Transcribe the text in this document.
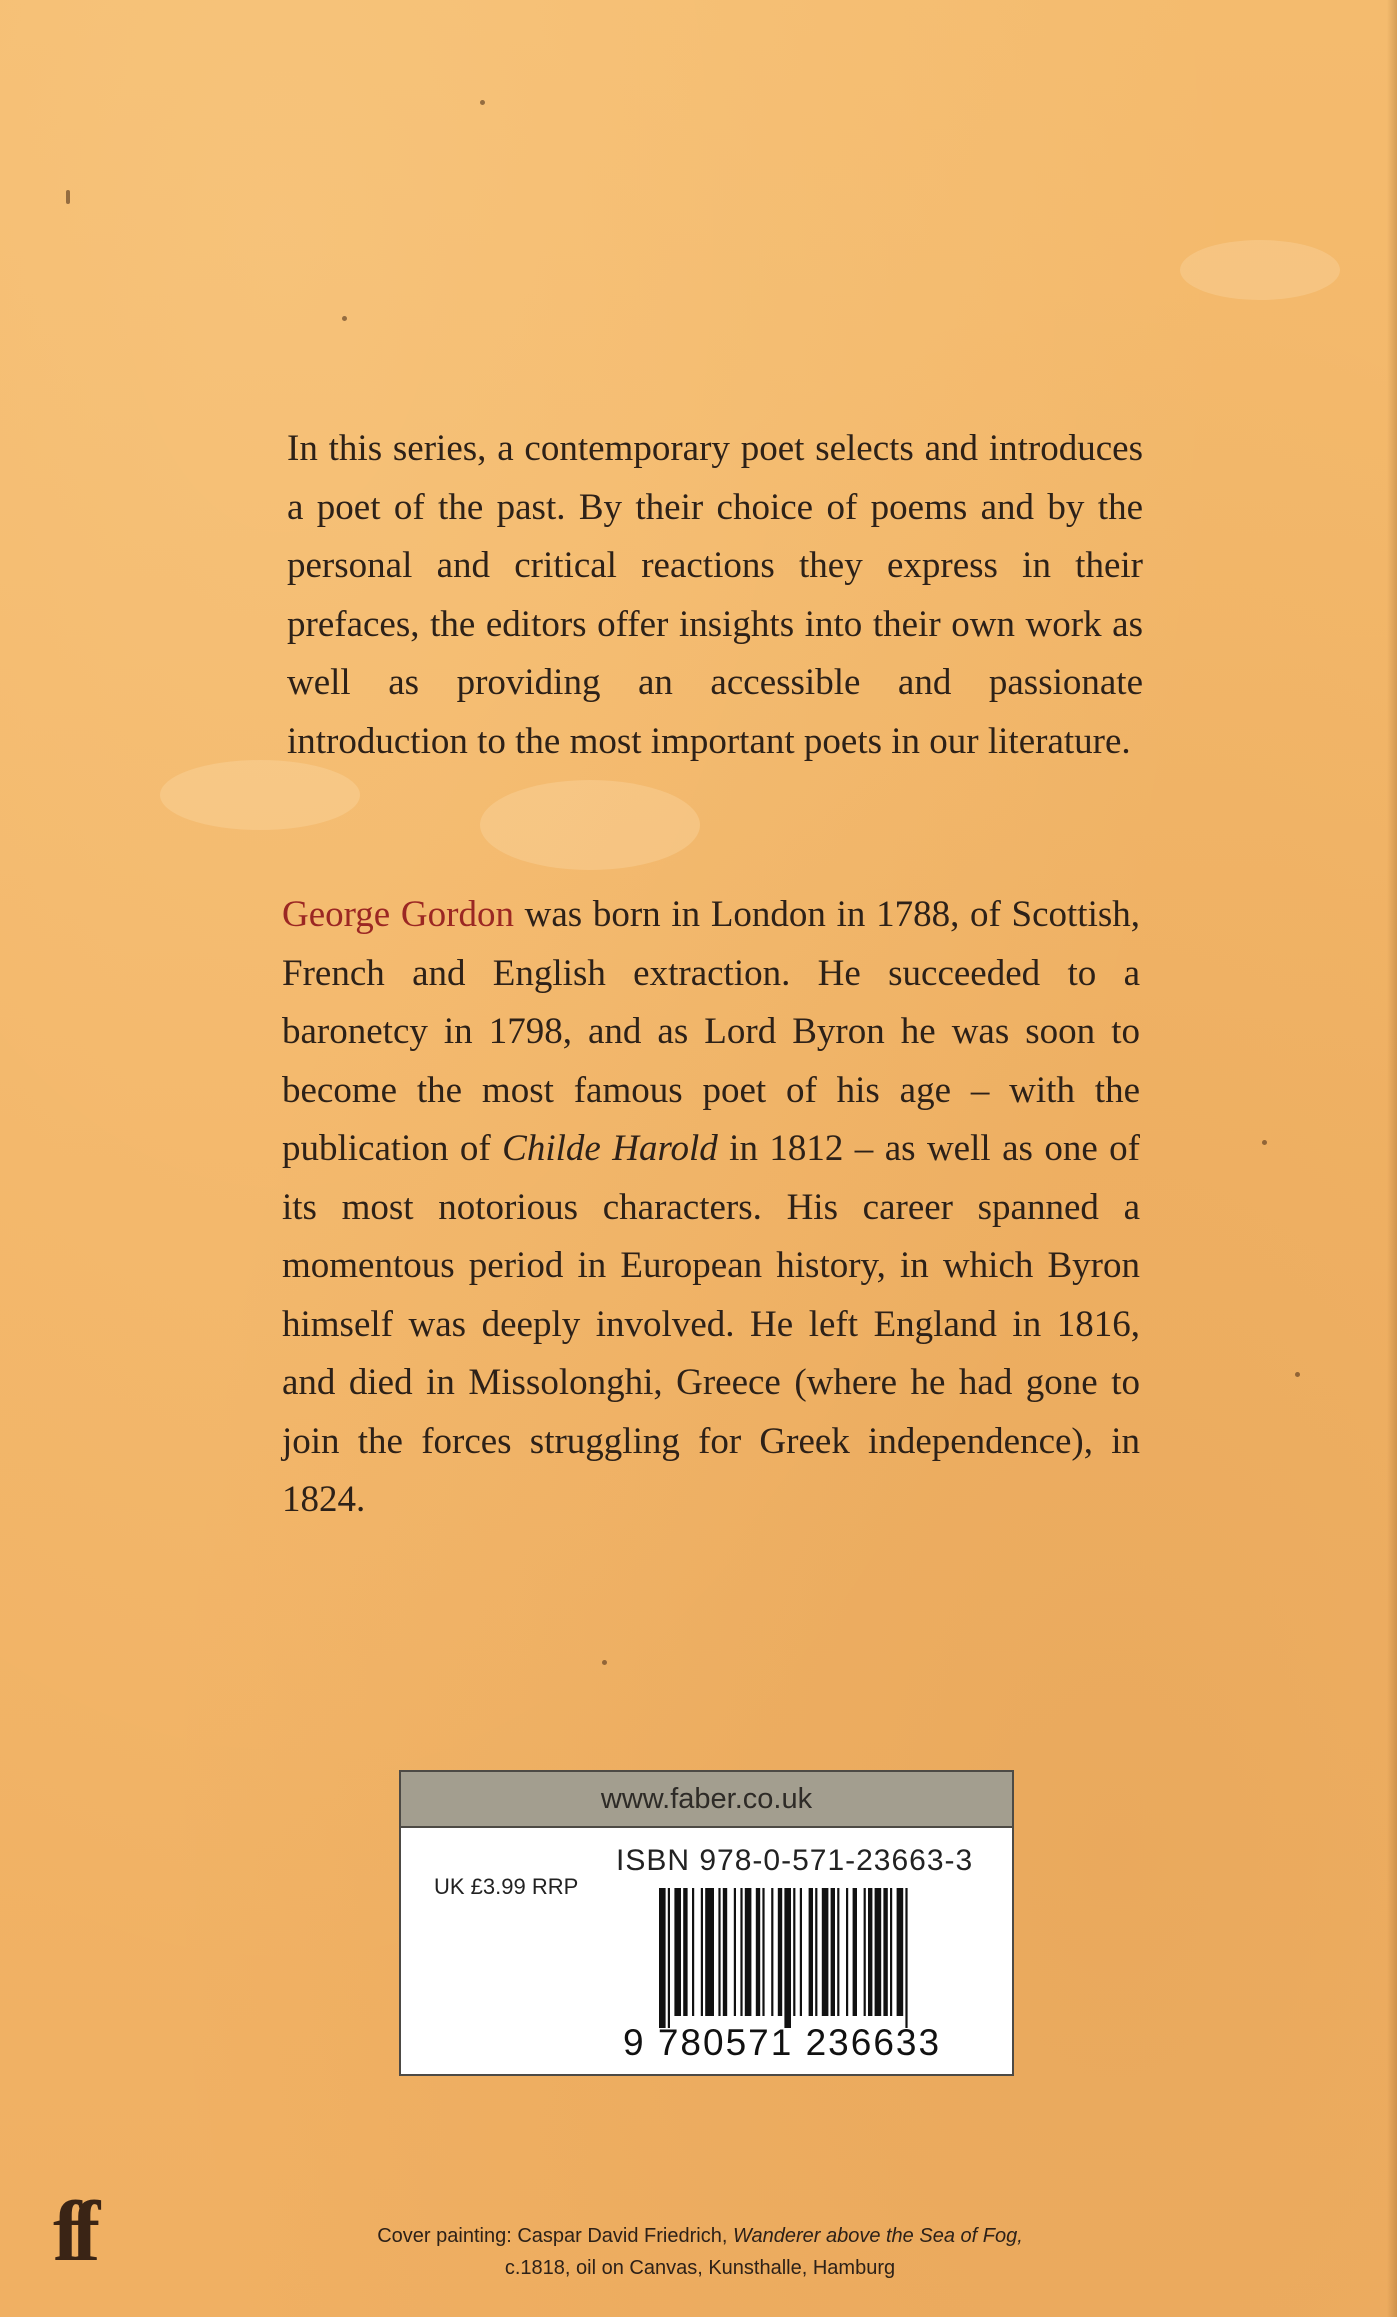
In this series, a contemporary poet selects and introduces a poet of the past. By their choice of poems and by the personal and critical reactions they express in their prefaces, the editors offer insights into their own work as well as providing an accessible and passionate introduction to the most important poets in our literature.

George Gordon was born in London in 1788, of Scottish, French and English extraction. He succeeded to a baronetcy in 1798, and as Lord Byron he was soon to become the most famous poet of his age – with the publication of Childe Harold in 1812 – as well as one of its most notorious characters. His career spanned a momentous period in European history, in which Byron himself was deeply involved. He left England in 1816, and died in Missolonghi, Greece (where he had gone to join the forces struggling for Greek independence), in 1824.

www.faber.co.uk
ISBN 978-0-571-23663-3
UK £3.99 RRP
9 780571 236633
ff	Cover painting: Caspar David Friedrich, Wanderer above the Sea of Fog,
c.1818, oil on Canvas, Kunsthalle, Hamburg
